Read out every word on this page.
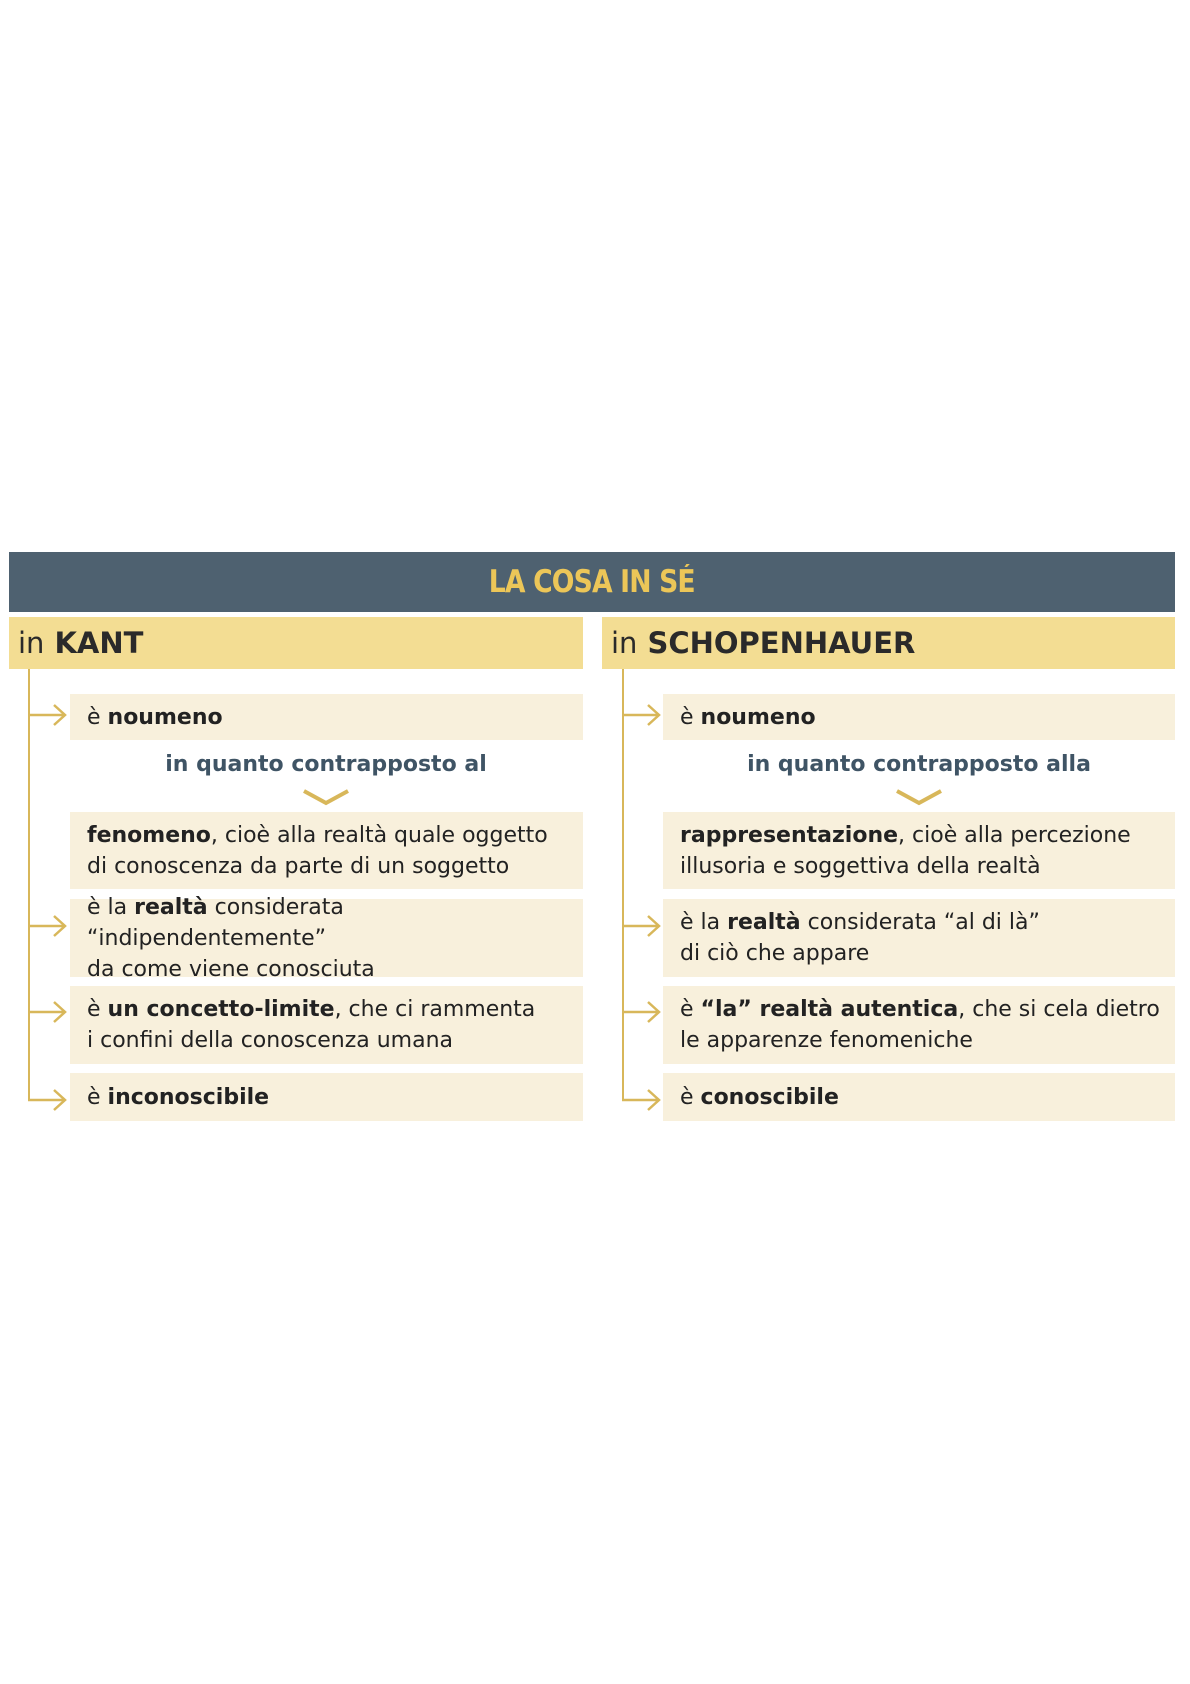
LA COSA IN SÉ
in KANT
è noumeno
in quanto contrapposto al
fenomeno, cioè alla realtà quale oggetto
di conoscenza da parte di un soggetto
è la realtà considerata “indipendentemente”
da come viene conosciuta
è un concetto-limite, che ci rammenta
i confini della conoscenza umana
è inconoscibile
in SCHOPENHAUER
è noumeno
in quanto contrapposto alla
rappresentazione, cioè alla percezione
illusoria e soggettiva della realtà
è la realtà considerata “al di là”
di ciò che appare
è “la” realtà autentica, che si cela dietro
le apparenze fenomeniche
è conoscibile
